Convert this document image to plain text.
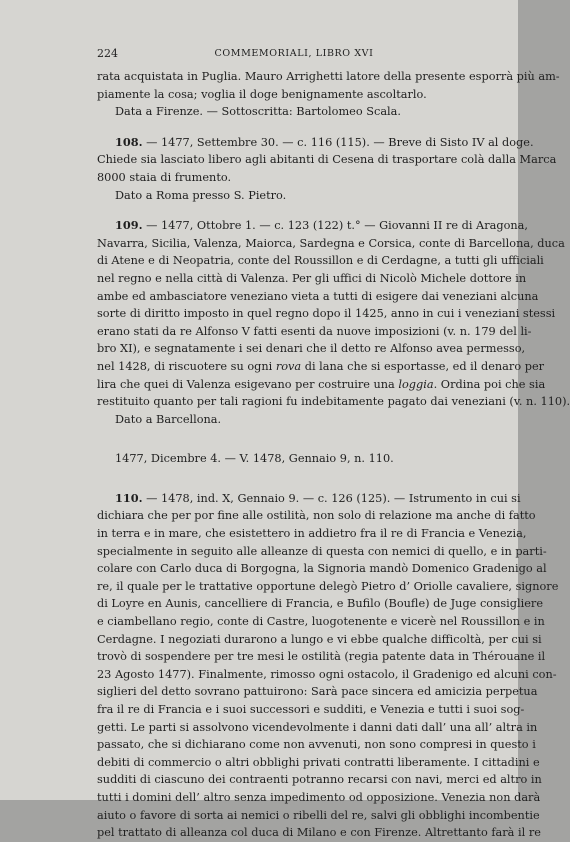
224	COMMEMORIALI, LIBRO XVI
rata acquistata in Puglia. Mauro Arrighetti latore della presente esporrà più am-
piamente la cosa; voglia il doge benignamente ascoltarlo.
Data a Firenze. — Sottoscritta: Bartolomeo Scala.
108. — 1477, Settembre 30. — c. 116 (115). — Breve di Sisto IV al doge.
Chiede sia lasciato libero agli abitanti di Cesena di trasportare colà dalla Marca
8000 staia di frumento.
Dato a Roma presso S. Pietro.
109. — 1477, Ottobre 1. — c. 123 (122) t.° — Giovanni II re di Aragona,
Navarra, Sicilia, Valenza, Maiorca, Sardegna e Corsica, conte di Barcellona, duca
di Atene e di Neopatria, conte del Roussillon e di Cerdagne, a tutti gli ufficiali
nel regno e nella città di Valenza. Per gli uffici di Nicolò Michele dottore in
ambe ed ambasciatore veneziano vieta a tutti di esigere dai veneziani alcuna
sorte di diritto imposto in quel regno dopo il 1425, anno in cui i veneziani stessi
erano stati da re Alfonso V fatti esenti da nuove imposizioni (v. n. 179 del li-
bro XI), e segnatamente i sei denari che il detto re Alfonso avea permesso,
nel 1428, di riscuotere su ogni rova di lana che si esportasse, ed il denaro per
lira che quei di Valenza esigevano per costruire una loggia. Ordina poi che sia
restituito quanto per tali ragioni fu indebitamente pagato dai veneziani (v. n. 110).
Dato a Barcellona.
1477, Dicembre 4. — V. 1478, Gennaio 9, n. 110.
110. — 1478, ind. X, Gennaio 9. — c. 126 (125). — Istrumento in cui si
dichiara che per por fine alle ostilità, non solo di relazione ma anche di fatto
in terra e in mare, che esistettero in addietro fra il re di Francia e Venezia,
specialmente in seguito alle alleanze di questa con nemici di quello, e in parti-
colare con Carlo duca di Borgogna, la Signoria mandò Domenico Gradenigo al
re, il quale per le trattative opportune delegò Pietro d’ Oriolle cavaliere, signore
di Loyre en Aunis, cancelliere di Francia, e Bufilo (Boufle) de Juge consigliere
e ciambellano regio, conte di Castre, luogotenente e vicerè nel Roussillon e in
Cerdagne. I negoziati durarono a lungo e vi ebbe qualche difficoltà, per cui si
trovò di sospendere per tre mesi le ostilità (regia patente data in Thérouane il
23 Agosto 1477). Finalmente, rimosso ogni ostacolo, il Gradenigo ed alcuni con-
siglieri del detto sovrano pattuirono: Sarà pace sincera ed amicizia perpetua
fra il re di Francia e i suoi successori e sudditi, e Venezia e tutti i suoi sog-
getti. Le parti si assolvono vicendevolmente i danni dati dall’ una all’ altra in
passato, che si dichiarano come non avvenuti, non sono compresi in questo i
debiti di commercio o altri obblighi privati contratti liberamente. I cittadini e
sudditi di ciascuno dei contraenti potranno recarsi con navi, merci ed altro in
tutti i domini dell’ altro senza impedimento od opposizione. Venezia non darà
aiuto o favore di sorta ai nemici o ribelli del re, salvi gli obblighi incombentie
pel trattato di alleanza col duca di Milano e con Firenze. Altrettanto farà il re
